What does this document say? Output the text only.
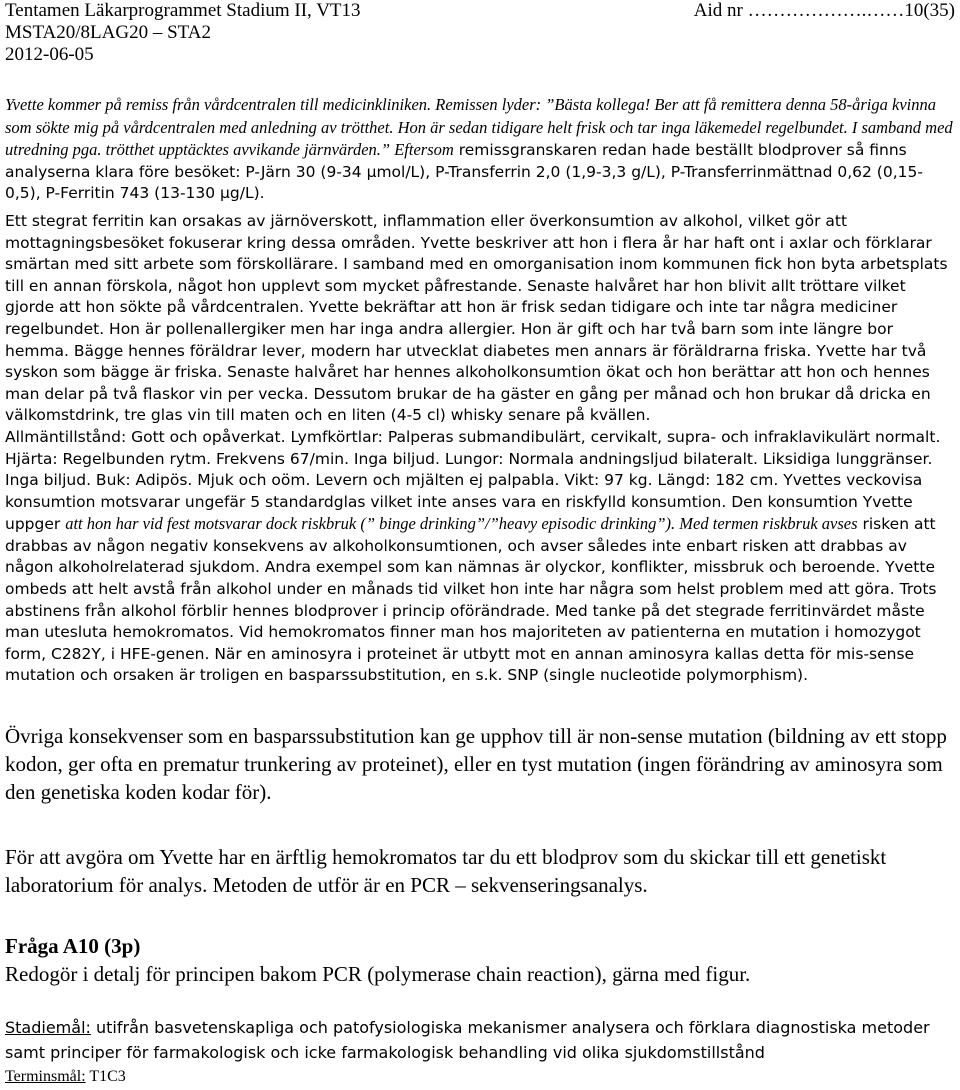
Tentamen Läkarprogrammet Stadium II, VT13	Aid nr ……………….……10(35)
MSTA20/8LAG20 – STA2
2012-06-05

Yvette kommer på remiss från vårdcentralen till medicinkliniken. Remissen lyder: ”Bästa kollega! Ber att få remittera denna 58-åriga kvinna som sökte mig på vårdcentralen med anledning av trötthet. Hon är sedan tidigare helt frisk och tar inga läkemedel regelbundet. I samband med utredning pga. trötthet upptäcktes avvikande järnvärden.” Eftersom remissgranskaren redan hade beställt blodprover så finns analyserna klara före besöket: P-Järn 30 (9-34 µmol/L), P-Transferrin 2,0 (1,9-3,3 g/L), P-Transferrinmättnad 0,62 (0,15-0,5), P-Ferritin 743 (13-130 µg/L).

Ett stegrat ferritin kan orsakas av järnöverskott, inflammation eller överkonsumtion av alkohol, vilket gör att mottagningsbesöket fokuserar kring dessa områden. Yvette beskriver att hon i flera år har haft ont i axlar och förklarar smärtan med sitt arbete som förskollärare. I samband med en omorganisation inom kommunen fick hon byta arbetsplats till en annan förskola, något hon upplevt som mycket påfrestande. Senaste halvåret har hon blivit allt tröttare vilket gjorde att hon sökte på vårdcentralen. Yvette bekräftar att hon är frisk sedan tidigare och inte tar några mediciner regelbundet. Hon är pollenallergiker men har inga andra allergier. Hon är gift och har två barn som inte längre bor hemma. Bägge hennes föräldrar lever, modern har utvecklat diabetes men annars är föräldrarna friska. Yvette har två syskon som bägge är friska. Senaste halvåret har hennes alkoholkonsumtion ökat och hon berättar att hon och hennes man delar på två flaskor vin per vecka. Dessutom brukar de ha gäster en gång per månad och hon brukar då dricka en välkomstdrink, tre glas vin till maten och en liten (4-5 cl) whisky senare på kvällen.

Allmäntillstånd: Gott och opåverkat. Lymfkörtlar: Palperas submandibulärt, cervikalt, supra- och infraklavikulärt normalt. Hjärta: Regelbunden rytm. Frekvens 67/min. Inga biljud. Lungor: Normala andningsljud bilateralt. Liksidiga lunggränser. Inga biljud. Buk: Adipös. Mjuk och oöm. Levern och mjälten ej palpabla. Vikt: 97 kg. Längd: 182 cm. Yvettes veckovisa konsumtion motsvarar ungefär 5 standardglas vilket inte anses vara en riskfylld konsumtion. Den konsumtion Yvette uppger att hon har vid fest motsvarar dock riskbruk (” binge drinking”/”heavy episodic drinking”). Med termen riskbruk avses risken att drabbas av någon negativ konsekvens av alkoholkonsumtionen, och avser således inte enbart risken att drabbas av någon alkoholrelaterad sjukdom. Andra exempel som kan nämnas är olyckor, konflikter, missbruk och beroende. Yvette ombeds att helt avstå från alkohol under en månads tid vilket hon inte har några som helst problem med att göra. Trots abstinens från alkohol förblir hennes blodprover i princip oförändrade. Med tanke på det stegrade ferritinvärdet måste man utesluta hemokromatos. Vid hemokromatos finner man hos majoriteten av patienterna en mutation i homozygot form, C282Y, i HFE-genen. När en aminosyra i proteinet är utbytt mot en annan aminosyra kallas detta för mis-sense mutation och orsaken är troligen en basparssubstitution, en s.k. SNP (single nucleotide polymorphism).

Övriga konsekvenser som en basparssubstitution kan ge upphov till är non-sense mutation (bildning av ett stopp kodon, ger ofta en prematur trunkering av proteinet), eller en tyst mutation (ingen förändring av aminosyra som den genetiska koden kodar för).

För att avgöra om Yvette har en ärftlig hemokromatos tar du ett blodprov som du skickar till ett genetiskt laboratorium för analys. Metoden de utför är en PCR – sekvenseringsanalys.

Fråga A10 (3p)
Redogör i detalj för principen bakom PCR (polymerase chain reaction), gärna med figur.
Stadiemål: utifrån basvetenskapliga och patofysiologiska mekanismer analysera och förklara diagnostiska metoder samt principer för farmakologisk och icke farmakologisk behandling vid olika sjukdomstillstånd
Terminsmål: T1C3
